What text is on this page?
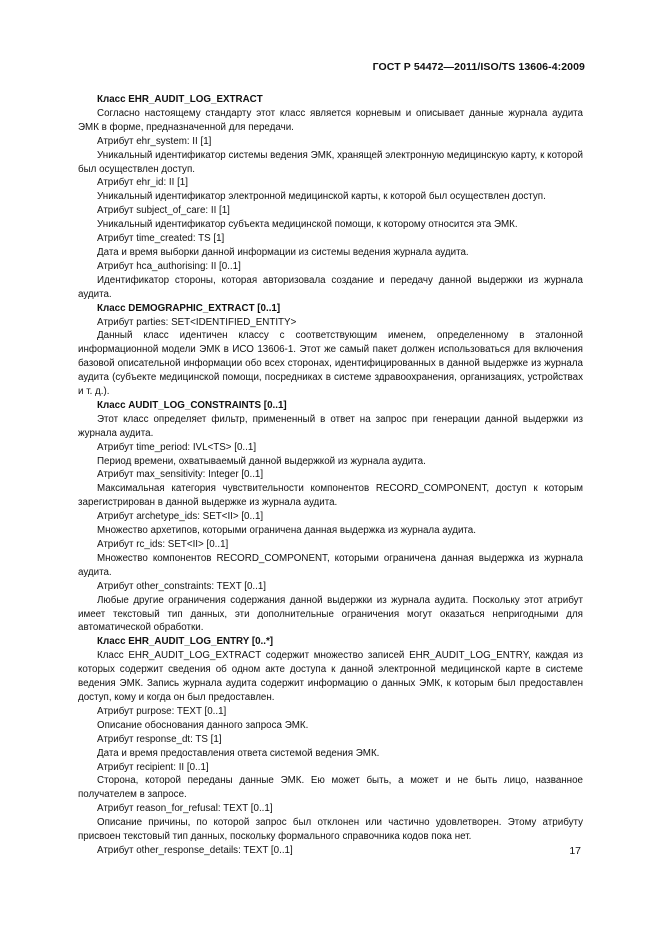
ГОСТ Р 54472—2011/ISO/TS 13606-4:2009

Класс EHR_AUDIT_LOG_EXTRACT

Согласно настоящему стандарту этот класс является корневым и описывает данные журнала аудита ЭМК в форме, предназначенной для передачи.

Атрибут ehr_system: II [1]

Уникальный идентификатор системы ведения ЭМК, хранящей электронную медицинскую карту, к которой был осуществлен доступ.

Атрибут ehr_id: II [1]

Уникальный идентификатор электронной медицинской карты, к которой был осуществлен доступ.

Атрибут subject_of_care: II [1]

Уникальный идентификатор субъекта медицинской помощи, к которому относится эта ЭМК.

Атрибут time_created: TS [1]

Дата и время выборки данной информации из системы ведения журнала аудита.

Атрибут hca_authorising: II [0..1]

Идентификатор стороны, которая авторизовала создание и передачу данной выдержки из журнала аудита.

Класс DEMOGRAPHIC_EXTRACT [0..1]

Атрибут parties: SET<IDENTIFIED_ENTITY>

Данный класс идентичен классу с соответствующим именем, определенному в эталонной информационной модели ЭМК в ИСО 13606-1. Этот же самый пакет должен использоваться для включения базовой описательной информации обо всех сторонах, идентифицированных в данной выдержке из журнала аудита (субъекте медицинской помощи, посредниках в системе здравоохранения, организациях, устройствах и т. д.).

Класс AUDIT_LOG_CONSTRAINTS [0..1]

Этот класс определяет фильтр, примененный в ответ на запрос при генерации данной выдержки из журнала аудита.

Атрибут time_period: IVL<TS> [0..1]

Период времени, охватываемый данной выдержкой из журнала аудита.

Атрибут max_sensitivity: Integer [0..1]

Максимальная категория чувствительности компонентов RECORD_COMPONENT, доступ к которым зарегистрирован в данной выдержке из журнала аудита.

Атрибут archetype_ids: SET<II> [0..1]

Множество архетипов, которыми ограничена данная выдержка из журнала аудита.

Атрибут rc_ids: SET<II> [0..1]

Множество компонентов RECORD_COMPONENT, которыми ограничена данная выдержка из журнала аудита.

Атрибут other_constraints: TEXT [0..1]

Любые другие ограничения содержания данной выдержки из журнала аудита. Поскольку этот атрибут имеет текстовый тип данных, эти дополнительные ограничения могут оказаться непригодными для автоматической обработки.

Класс EHR_AUDIT_LOG_ENTRY [0..*]

Класс EHR_AUDIT_LOG_EXTRACT содержит множество записей EHR_AUDIT_LOG_ENTRY, каждая из которых содержит сведения об одном акте доступа к данной электронной медицинской карте в системе ведения ЭМК. Запись журнала аудита содержит информацию о данных ЭМК, к которым был предоставлен доступ, кому и когда он был предоставлен.

Атрибут purpose: TEXT [0..1]

Описание обоснования данного запроса ЭМК.

Атрибут response_dt: TS [1]

Дата и время предоставления ответа системой ведения ЭМК.

Атрибут recipient: II [0..1]

Сторона, которой переданы данные ЭМК. Ею может быть, а может и не быть лицо, названное получателем в запросе.

Атрибут reason_for_refusal: TEXT [0..1]

Описание причины, по которой запрос был отклонен или частично удовлетворен. Этому атрибуту присвоен текстовый тип данных, поскольку формального справочника кодов пока нет.

Атрибут other_response_details: TEXT [0..1]	17
